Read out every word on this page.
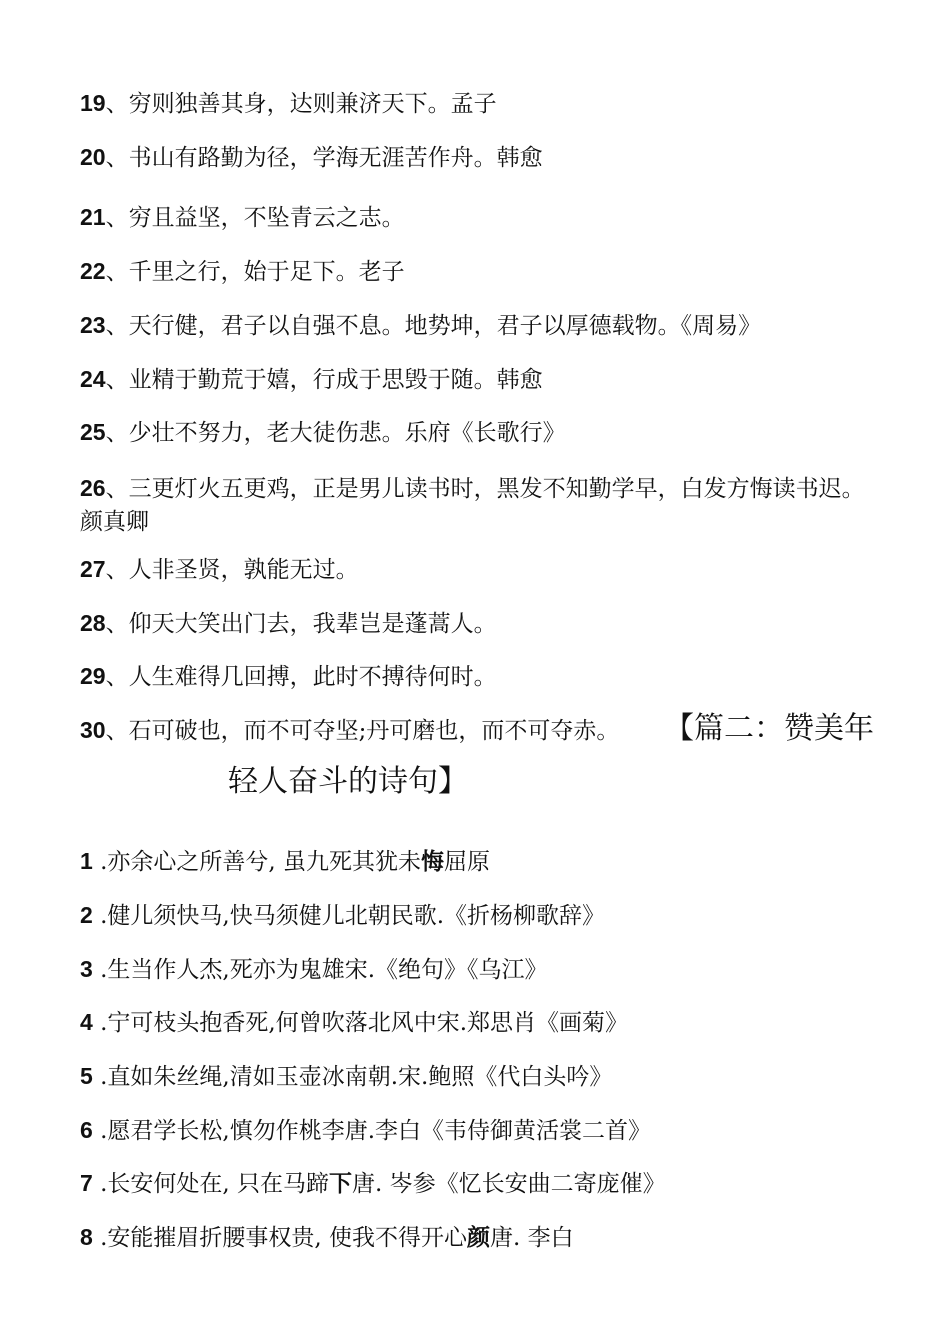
19、穷则独善其身，达则兼济天下。孟子
20、书山有路勤为径，学海无涯苦作舟。韩愈
21、穷且益坚，不坠青云之志。
22、千里之行，始于足下。老子
23、天行健，君子以自强不息。地势坤，君子以厚德载物。《周易》
24、业精于勤荒于嬉，行成于思毁于随。韩愈
25、少壮不努力，老大徒伤悲。乐府《长歌行》
26、三更灯火五更鸡，正是男儿读书时，黑发不知勤学早，白发方悔读书迟。颜真卿
27、人非圣贤，孰能无过。
28、仰天大笑出门去，我辈岂是蓬蒿人。
29、人生难得几回搏，此时不搏待何时。
30、石可破也，而不可夺坚;丹可磨也，而不可夺赤。	【篇二：赞美年
轻人奋斗的诗句】
1 .亦余心之所善兮, 虽九死其犹未悔屈原
2 .健儿须快马,快马须健儿北朝民歌.《折杨柳歌辞》
3 .生当作人杰,死亦为鬼雄宋.《绝句》《乌江》
4 .宁可枝头抱香死,何曾吹落北风中宋.郑思肖《画菊》
5 .直如朱丝绳,清如玉壶冰南朝.宋.鲍照《代白头吟》
6 .愿君学长松,慎勿作桃李唐.李白《韦侍御黄活裳二首》
7 .长安何处在, 只在马蹄下唐. 岑参《忆长安曲二寄庞催》
8 .安能摧眉折腰事权贵, 使我不得开心颜唐. 李白
